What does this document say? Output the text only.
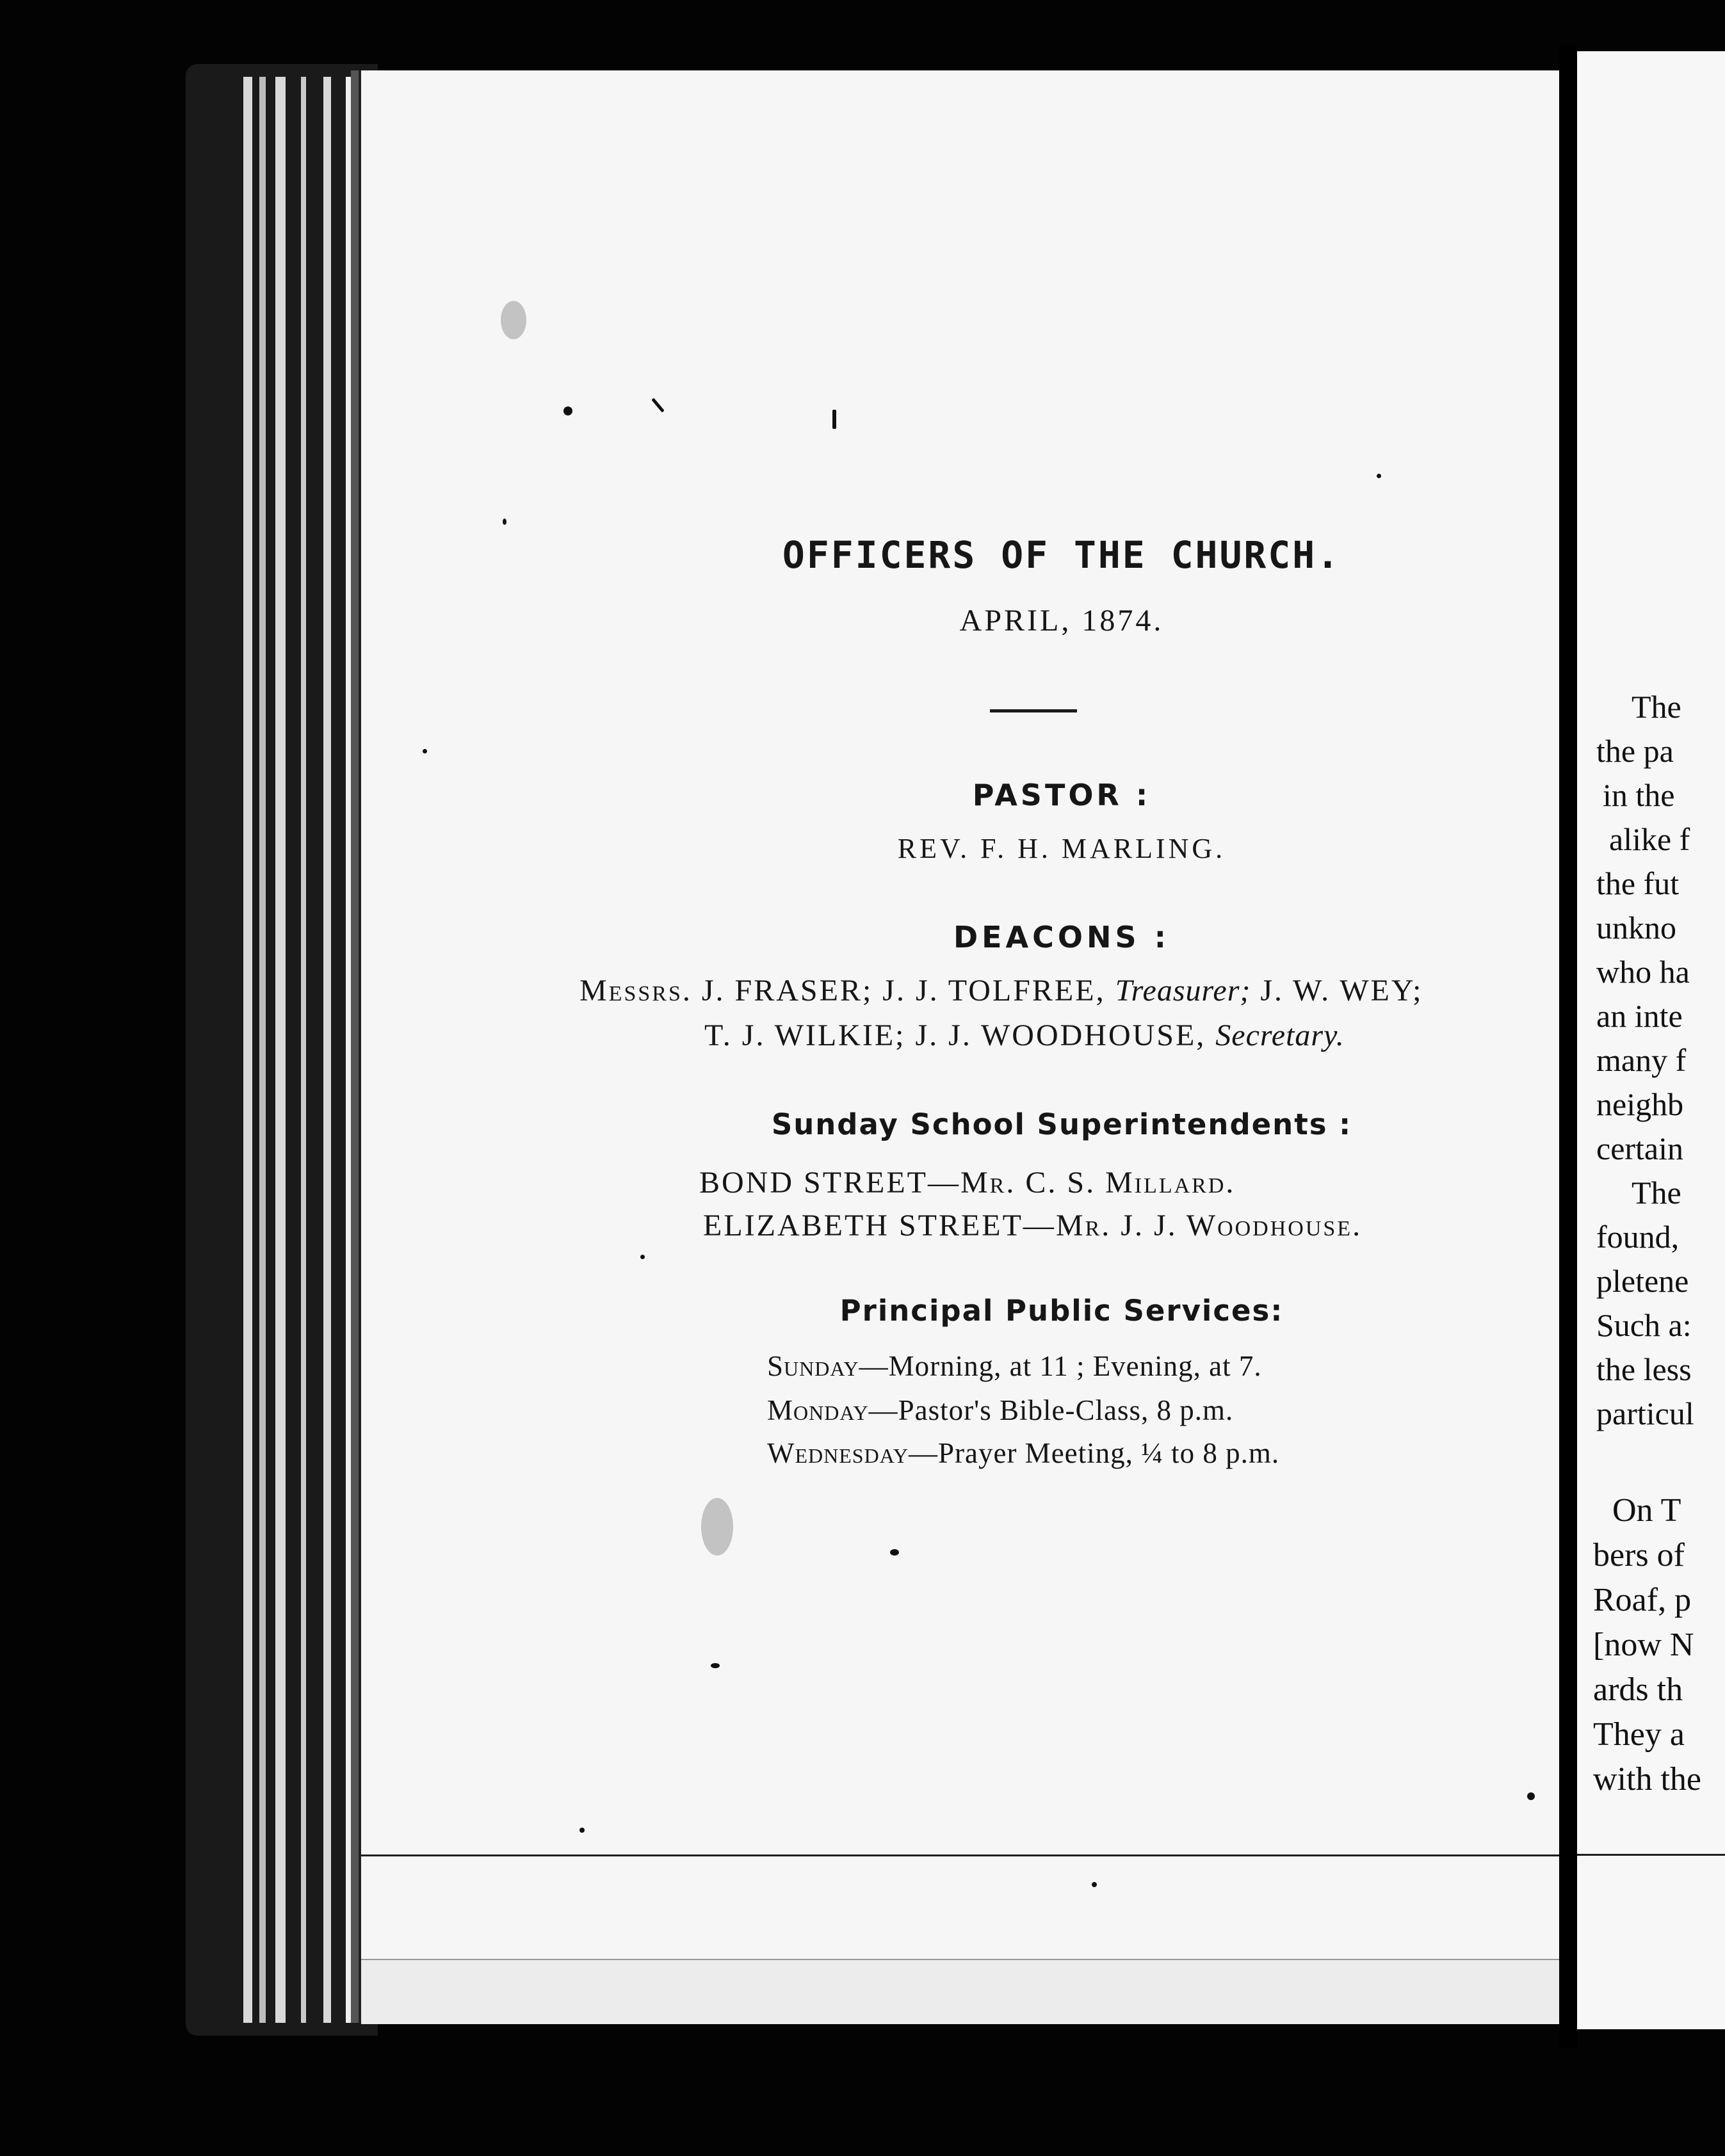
The
the pa
in the
alike f
the fut
unkno
who ha
an inte
many f
neighb
certain
The
found,
pletene
Such a:
the less
particul
On T
bers of
Roaf, p
[now N
ards th
They a
with the
OFFICERS OF THE CHURCH.
APRIL, 1874.
PASTOR :
REV. F. H. MARLING.
DEACONS :
Messrs. J. FRASER; J. J. TOLFREE, Treasurer; J. W. WEY;
T. J. WILKIE; J. J. WOODHOUSE, Secretary.
Sunday School Superintendents :
BOND STREET—Mr. C. S. Millard.
ELIZABETH STREET—Mr. J. J. Woodhouse.
Principal Public Services:
Sunday—Morning, at 11 ; Evening, at 7.
Monday—Pastor's Bible-Class, 8 p.m.
Wednesday—Prayer Meeting, ¼ to 8 p.m.
